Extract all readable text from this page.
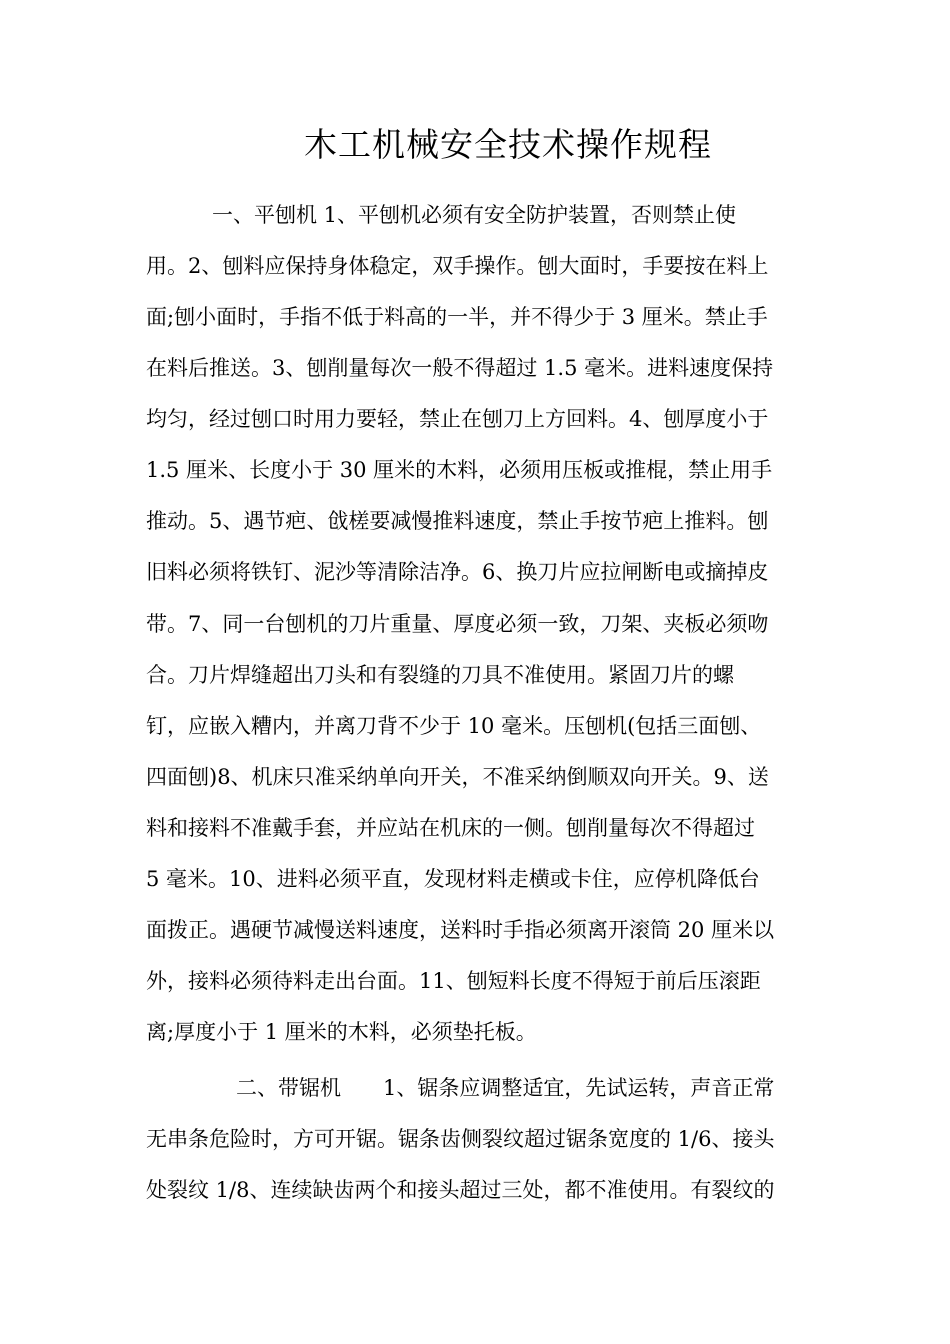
木工机械安全技术操作规程

一、平刨机 1、平刨机必须有安全防护装置，否则禁止使

用。2、刨料应保持身体稳定，双手操作。刨大面时，手要按在料上

面;刨小面时，手指不低于料高的一半，并不得少于 3 厘米。禁止手

在料后推送。3、刨削量每次一般不得超过 1.5 毫米。进料速度保持

均匀，经过刨口时用力要轻，禁止在刨刀上方回料。4、刨厚度小于

1.5 厘米、长度小于 30 厘米的木料，必须用压板或推棍，禁止用手

推动。5、遇节疤、戗槎要减慢推料速度，禁止手按节疤上推料。刨

旧料必须将铁钉、泥沙等清除洁净。6、换刀片应拉闸断电或摘掉皮

带。7、同一台刨机的刀片重量、厚度必须一致，刀架、夹板必须吻

合。刀片焊缝超出刀头和有裂缝的刀具不准使用。紧固刀片的螺

钉，应嵌入糟内，并离刀背不少于 10 毫米。压刨机(包括三面刨、

四面刨)8、机床只准采纳单向开关，不准采纳倒顺双向开关。9、送

料和接料不准戴手套，并应站在机床的一侧。刨削量每次不得超过

5 毫米。10、进料必须平直，发现材料走横或卡住，应停机降低台

面拨正。遇硬节减慢送料速度，送料时手指必须离开滚筒 20 厘米以

外，接料必须待料走出台面。11、刨短料长度不得短于前后压滚距

离;厚度小于 1 厘米的木料，必须垫托板。

二、带锯机　　1、锯条应调整适宜，先试运转，声音正常

无串条危险时，方可开锯。锯条齿侧裂纹超过锯条宽度的 1/6、接头

处裂纹 1/8、连续缺齿两个和接头超过三处，都不准使用。有裂纹的
